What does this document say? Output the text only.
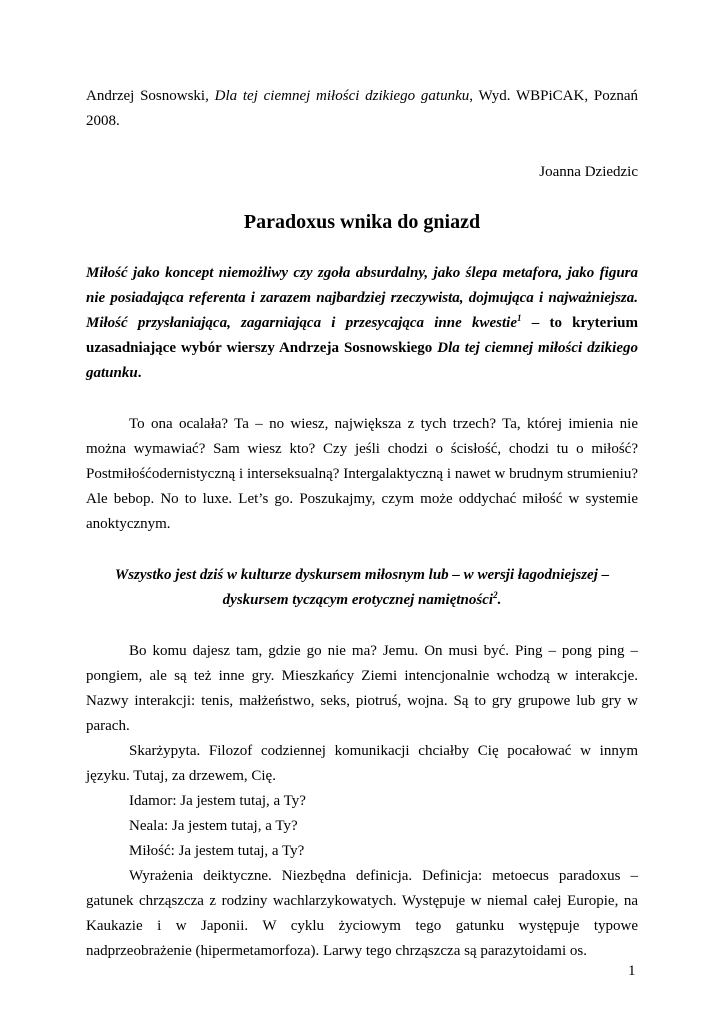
Andrzej Sosnowski, Dla tej ciemnej miłości dzikiego gatunku, Wyd. WBPiCAK, Poznań 2008.

Joanna Dziedzic

Paradoxus wnika do gniazd

Miłość jako koncept niemożliwy czy zgoła absurdalny, jako ślepa metafora, jako figura nie posiadająca referenta i zarazem najbardziej rzeczywista, dojmująca i najważniejsza. Miłość przysłaniająca, zagarniająca i przesycająca inne kwestie$^1$ – to kryterium uzasadniające wybór wierszy Andrzeja Sosnowskiego Dla tej ciemnej miłości dzikiego gatunku.

To ona ocalała? Ta – no wiesz, największa z tych trzech? Ta, której imienia nie można wymawiać? Sam wiesz kto? Czy jeśli chodzi o ścisłość, chodzi tu o miłość? Postmiłośćodernistyczną i interseksualną? Intergalaktyczną i nawet w brudnym strumieniu? Ale bebop. No to luxe. Let’s go. Poszukajmy, czym może oddychać miłość w systemie anoktycznym.

Wszystko jest dziś w kulturze dyskursem miłosnym lub – w wersji łagodniejszej – dyskursem tyczącym erotycznej namiętności$^2$.

Bo komu dajesz tam, gdzie go nie ma? Jemu. On musi być. Ping – pong ping – pongiem, ale są też inne gry. Mieszkańcy Ziemi intencjonalnie wchodzą w interakcje. Nazwy interakcji: tenis, małżeństwo, seks, piotruś, wojna. Są to gry grupowe lub gry w parach.

Skarżypyta. Filozof codziennej komunikacji chciałby Cię pocałować w innym języku. Tutaj, za drzewem, Cię.

Idamor: Ja jestem tutaj, a Ty?

Neala: Ja jestem tutaj, a Ty?

Miłość: Ja jestem tutaj, a Ty?

Wyrażenia deiktyczne. Niezbędna definicja. Definicja: metoecus paradoxus – gatunek chrząszcza z rodziny wachlarzykowatych. Występuje w niemal całej Europie, na Kaukazie i w Japonii. W cyklu życiowym tego gatunku występuje typowe nadprzeobrażenie (hipermetamorfoza). Larwy tego chrząszcza są parazytoidami os.

1
